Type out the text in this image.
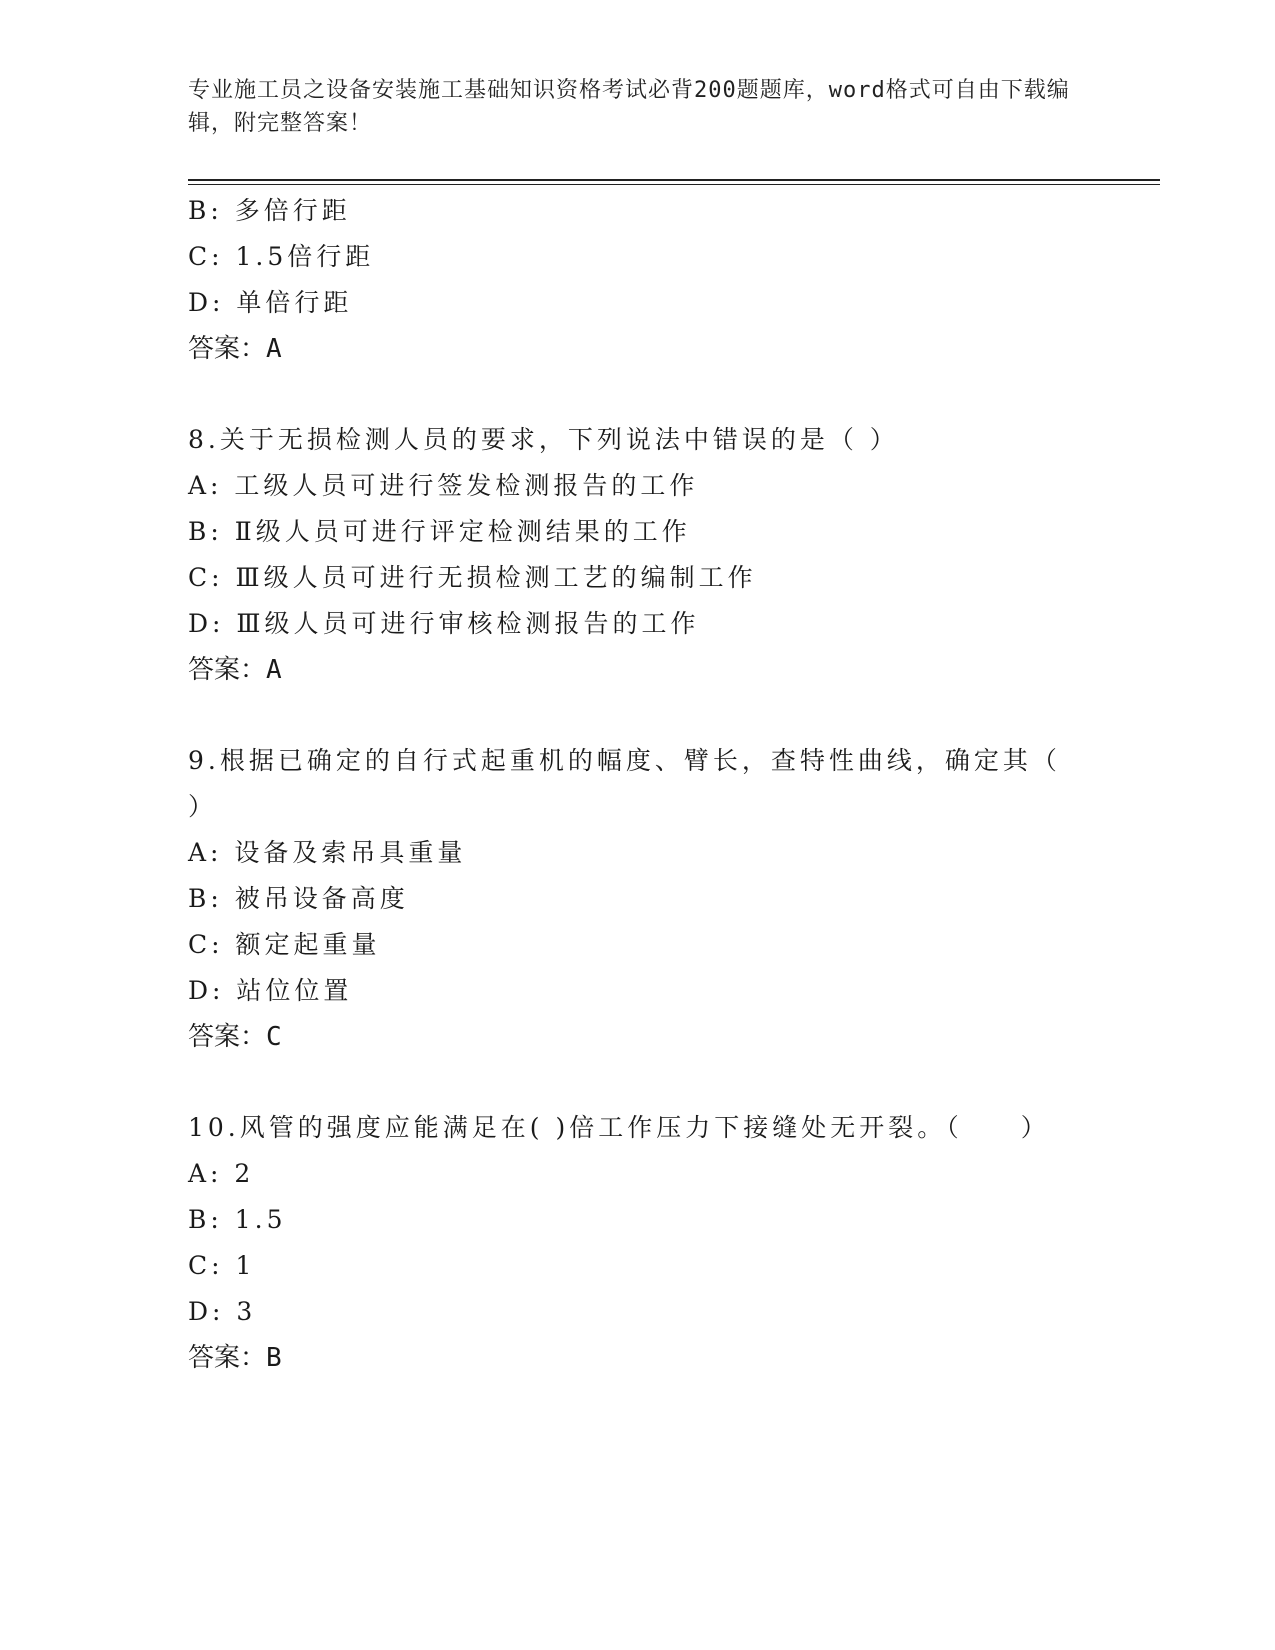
专业施工员之设备安装施工基础知识资格考试必背200题题库，word格式可自由下载编辑，附完整答案！
B: 多倍行距
C: 1.5倍行距
D: 单倍行距
答案：A
8.关于无损检测人员的要求，下列说法中错误的是（ ）
A: 工级人员可进行签发检测报告的工作
B: Ⅱ级人员可进行评定检测结果的工作
C: Ⅲ级人员可进行无损检测工艺的编制工作
D: Ⅲ级人员可进行审核检测报告的工作
答案：A
9.根据已确定的自行式起重机的幅度、臂长，查特性曲线，确定其（ ）
A: 设备及索吊具重量
B: 被吊设备高度
C: 额定起重量
D: 站位位置
答案：C
10.风管的强度应能满足在( )倍工作压力下接缝处无开裂。（　　）
A: 2
B: 1.5
C: 1
D: 3
答案：B
